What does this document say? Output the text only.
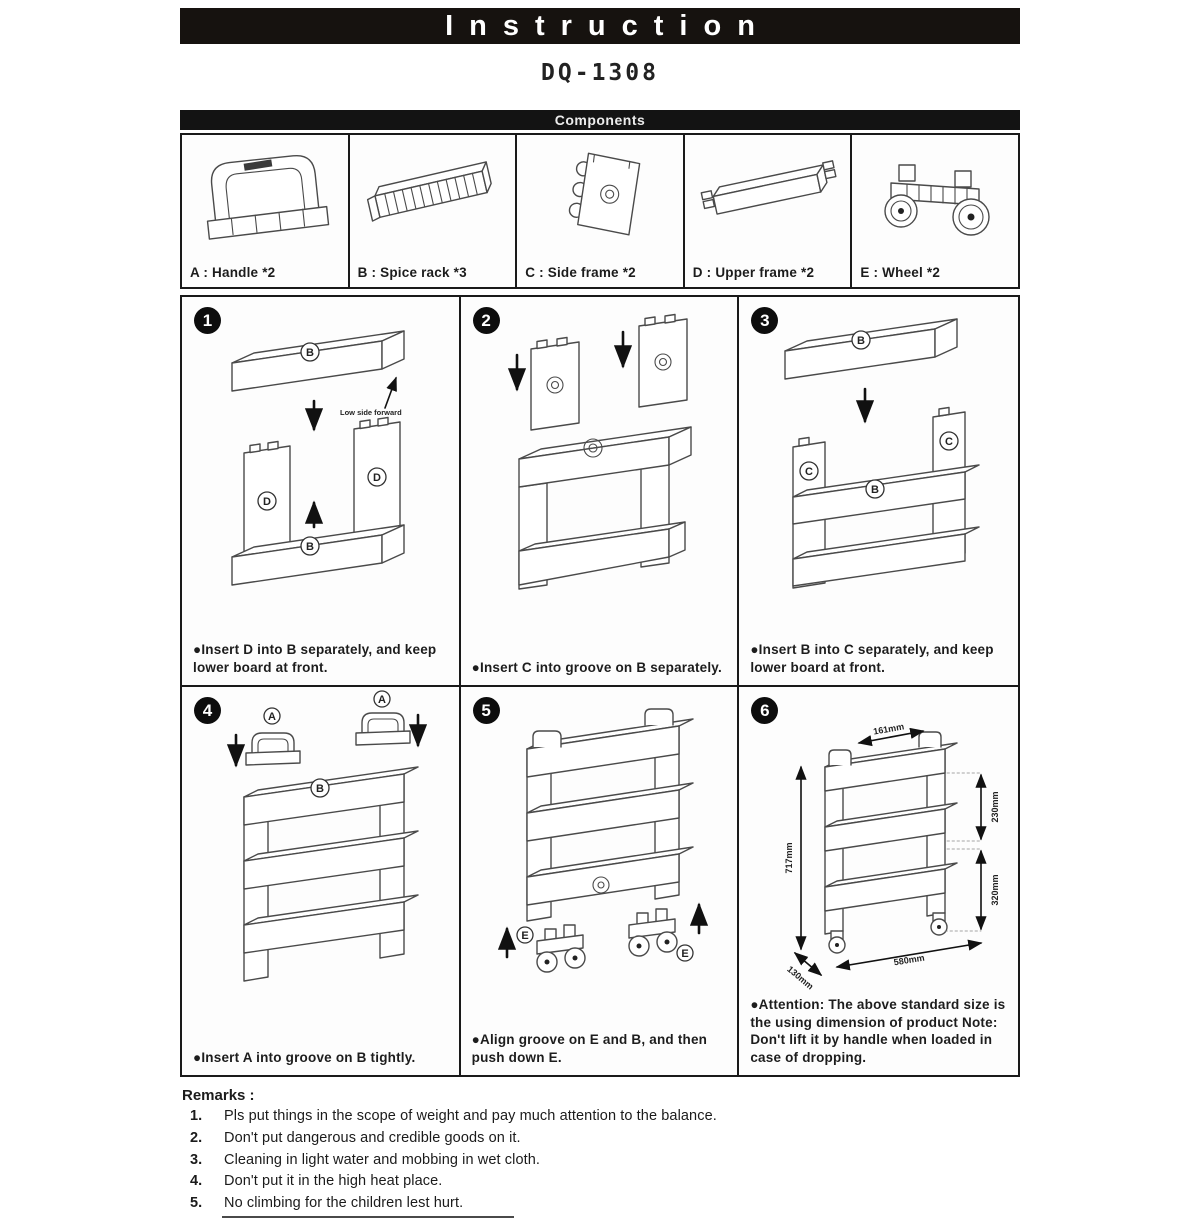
Instruction
DQ-1308
Components
A : Handle *2	B : Spice rack *3	C : Side frame *2	D : Upper frame *2	E : Wheel *2
1
B
Low side forward
D
D
B
●Insert D into B separately, and keep lower board at front.
2
●Insert C into groove on B separately.
3
B
C
C
B
●Insert B into C separately, and keep lower board at front.
4	A
A
B
●Insert A into groove on B tightly.
5
E
E
●Align groove on E and B, and then push down E.
6
717mm
161mm
230mm
320mm
580mm
130mm
●Attention: The above standard size is the using dimension of product Note: Don't lift it by handle when loaded in case of dropping.
Remarks :
1.	Pls put things in the scope of weight and pay much attention to the balance.
2.	Don't put dangerous and credible goods on it.
3.	Cleaning in light water and mobbing in wet cloth.
4.	Don't put it in the high heat place.
5.	No climbing for the children lest hurt.
